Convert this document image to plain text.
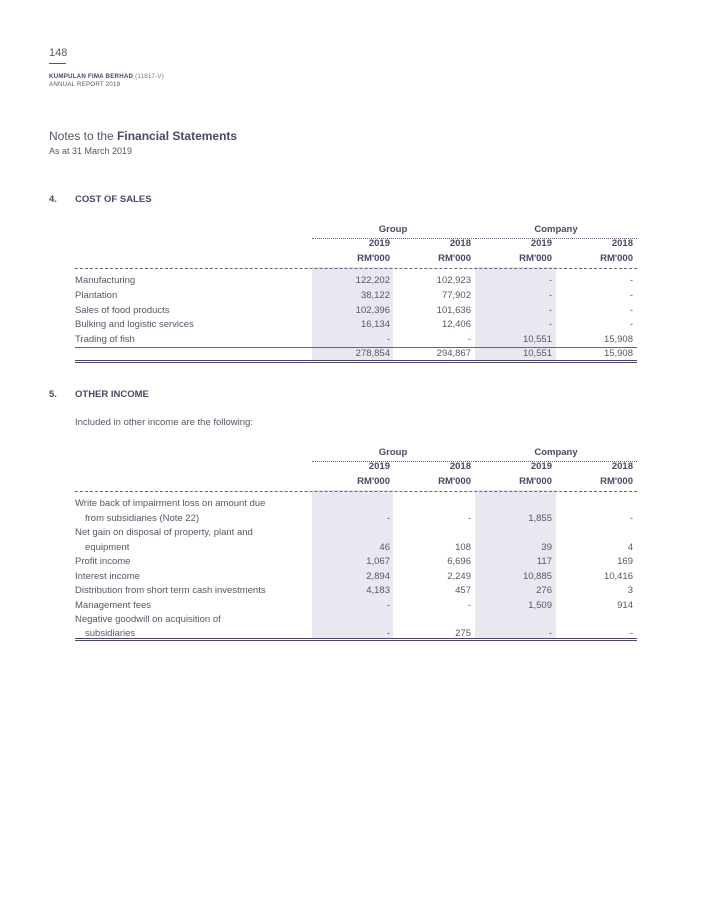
148
KUMPULAN FIMA BERHAD (11817-V)
ANNUAL REPORT 2019
Notes to the Financial Statements
As at 31 March 2019
4. COST OF SALES
Group	Company
2019	2018	2019	2018
RM'000	RM'000	RM'000	RM'000
Manufacturing	122,202	102,923	-	-
Plantation	38,122	77,902	-	-
Sales of food products	102,396	101,636	-	-
Bulking and logistic services	16,134	12,406	-	-
Trading of fish	-	-	10,551	15,908
278,854	294,867	10,551	15,908
5. OTHER INCOME
Included in other income are the following:
Group	Company
2019	2018	2019	2018
RM'000	RM'000	RM'000	RM'000
Write back of impairment loss on amount due
from subsidiaries (Note 22)	-	-	1,855	-
Net gain on disposal of property, plant and
equipment	46	108	39	4
Profit income	1,067	6,696	117	169
Interest income	2,894	2,249	10,885	10,416
Distribution from short term cash investments	4,183	457	276	3
Management fees	-	-	1,509	914
Negative goodwill on acquisition of
subsidiaries	-	275	-	-
